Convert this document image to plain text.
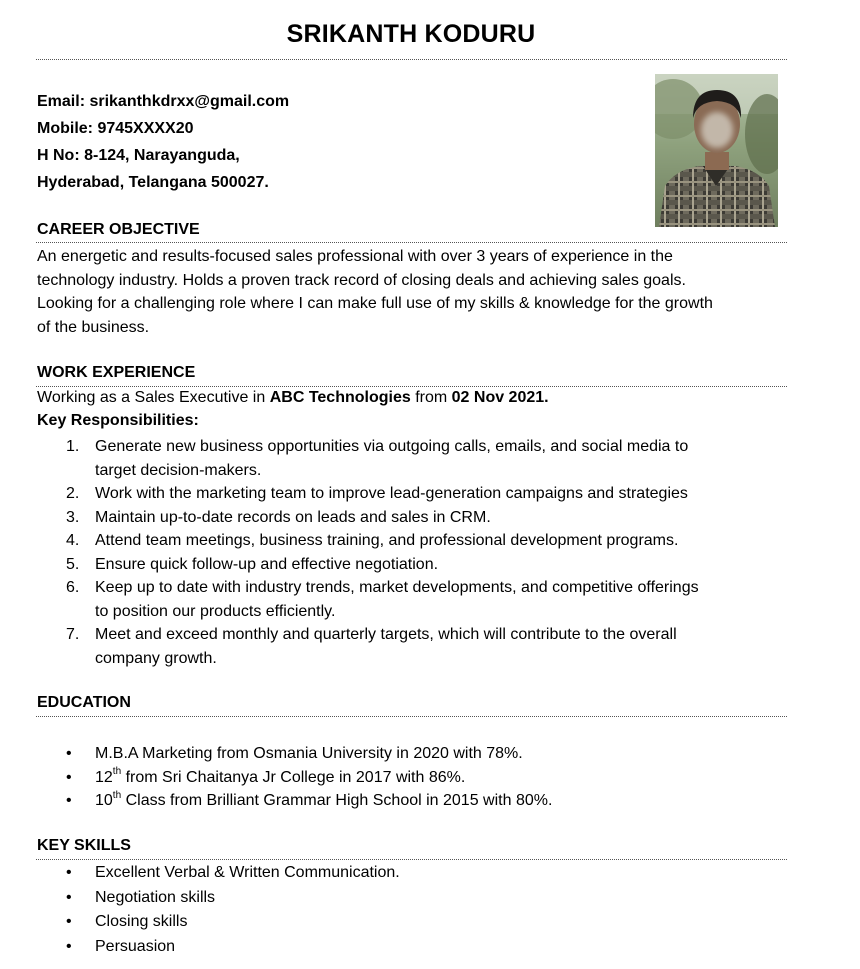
SRIKANTH KODURU
Email: srikanthkdrxx@gmail.com
Mobile: 9745XXXX20
H No: 8-124, Narayanguda,
Hyderabad, Telangana 500027.
CAREER OBJECTIVE
An energetic and results-focused sales professional with over 3 years of experience in the
technology industry. Holds a proven track record of closing deals and achieving sales goals.
Looking for a challenging role where I can make full use of my skills & knowledge for the growth
of the business.
WORK EXPERIENCE
Working as a Sales Executive in ABC Technologies from 02 Nov 2021.
Key Responsibilities:
1. Generate new business opportunities via outgoing calls, emails, and social media to
target decision-makers.
2. Work with the marketing team to improve lead-generation campaigns and strategies
3. Maintain up-to-date records on leads and sales in CRM.
4. Attend team meetings, business training, and professional development programs.
5. Ensure quick follow-up and effective negotiation.
6. Keep up to date with industry trends, market developments, and competitive offerings
to position our products efficiently.
7. Meet and exceed monthly and quarterly targets, which will contribute to the overall
company growth.
EDUCATION
• M.B.A Marketing from Osmania University in 2020 with 78%.
• 12th from Sri Chaitanya Jr College in 2017 with 86%.
• 10th Class from Brilliant Grammar High School in 2015 with 80%.
KEY SKILLS
• Excellent Verbal & Written Communication.
• Negotiation skills
• Closing skills
• Persuasion
